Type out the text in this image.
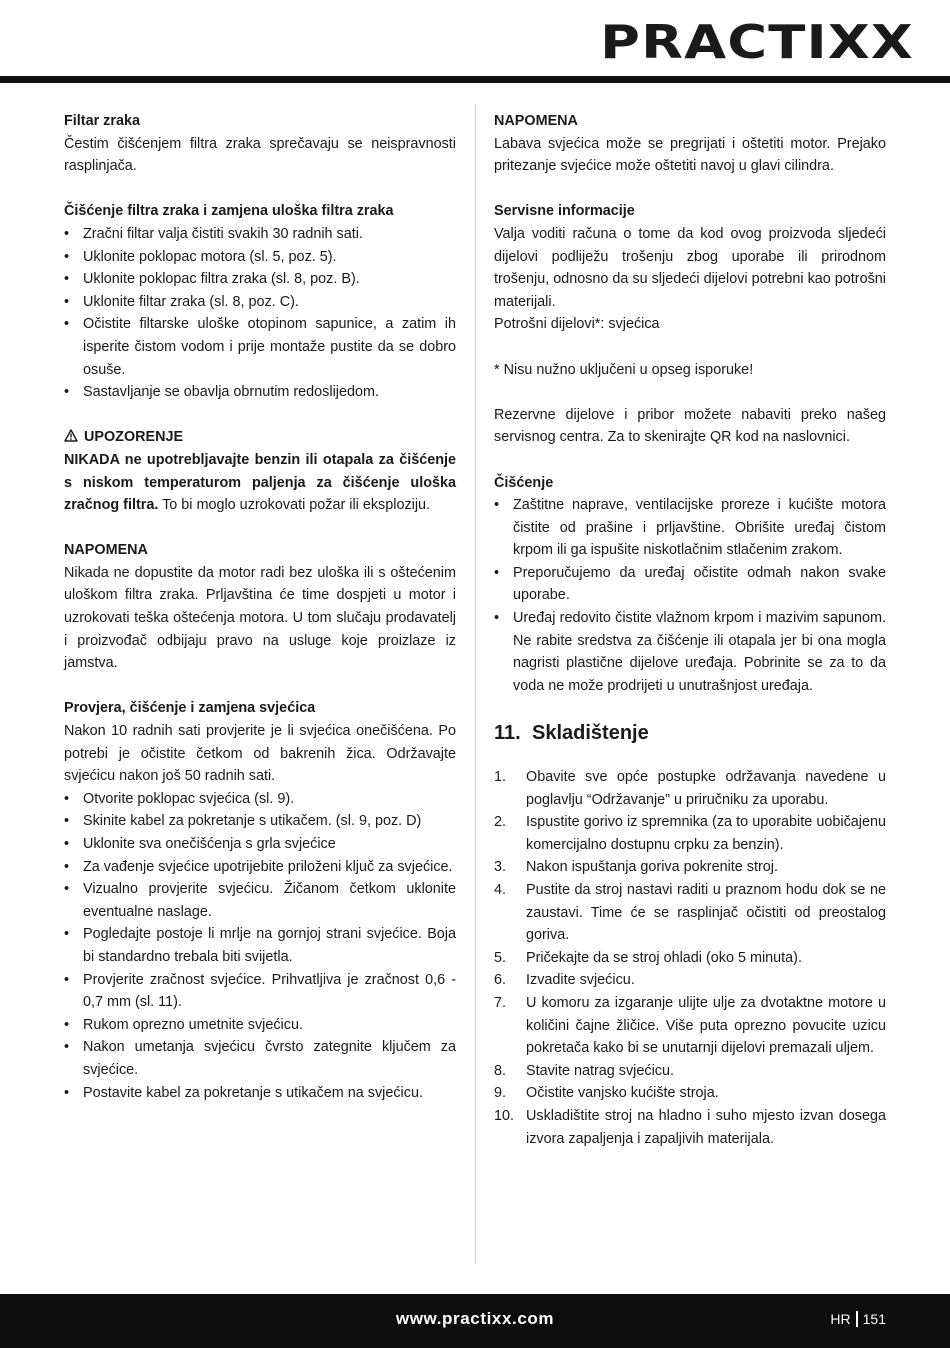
PRACTIXX
Filtar zraka

Čestim čišćenjem filtra zraka sprečavaju se neispravnosti rasplinjača.

Čišćenje filtra zraka i zamjena uloška filtra zraka
• Zračni filtar valja čistiti svakih 30 radnih sati.
• Uklonite poklopac motora (sl. 5, poz. 5).
• Uklonite poklopac filtra zraka (sl. 8, poz. B).
• Uklonite filtar zraka (sl. 8, poz. C).
• Očistite filtarske uloške otopinom sapunice, a zatim ih isperite čistom vodom i prije montaže pustite da se dobro osuše.
• Sastavljanje se obavlja obrnutim redoslijedom.
UPOZORENJE

NIKADA ne upotrebljavajte benzin ili otapala za čišćenje s niskom temperaturom paljenja za čišćenje uloška zračnog filtra. To bi moglo uzrokovati požar ili eksploziju.

NAPOMENA

Nikada ne dopustite da motor radi bez uloška ili s oštećenim uloškom filtra zraka. Prljavština će time dospjeti u motor i uzrokovati teška oštećenja motora. U tom slučaju prodavatelj i proizvođač odbijaju pravo na usluge koje proizlaze iz jamstva.

Provjera, čišćenje i zamjena svjećica

Nakon 10 radnih sati provjerite je li svjećica onečišćena. Po potrebi je očistite četkom od bakrenih žica. Održavajte svjećicu nakon još 50 radnih sati.

• Otvorite poklopac svjećica (sl. 9).
• Skinite kabel za pokretanje s utikačem. (sl. 9, poz. D)
• Uklonite sva onečišćenja s grla svjećice
• Za vađenje svjećice upotrijebite priloženi ključ za svjećice.
• Vizualno provjerite svjećicu. Žičanom četkom uklonite eventualne naslage.
• Pogledajte postoje li mrlje na gornjoj strani svjećice. Boja bi standardno trebala biti svijetla.
• Provjerite zračnost svjećice. Prihvatljiva je zračnost 0,6 - 0,7 mm (sl. 11).
• Rukom oprezno umetnite svjećicu.
• Nakon umetanja svjećicu čvrsto zategnite ključem za svjećice.
• Postavite kabel za pokretanje s utikačem na svjećicu.
NAPOMENA

Labava svjećica može se pregrijati i oštetiti motor. Prejako pritezanje svjećice može oštetiti navoj u glavi cilindra.

Servisne informacije

Valja voditi računa o tome da kod ovog proizvoda sljedeći dijelovi podliježu trošenju zbog uporabe ili prirodnom trošenju, odnosno da su sljedeći dijelovi potrebni kao potrošni materijali.

Potrošni dijelovi*: svjećica

* Nisu nužno uključeni u opseg isporuke!

Rezervne dijelove i pribor možete nabaviti preko našeg servisnog centra. Za to skenirajte QR kod na naslovnici.

Čišćenje
• Zaštitne naprave, ventilacijske proreze i kućište motora čistite od prašine i prljavštine. Obrišite uređaj čistom krpom ili ga ispušite niskotlačnim stlačenim zrakom.
• Preporučujemo da uređaj očistite odmah nakon svake uporabe.
• Uređaj redovito čistite vlažnom krpom i mazivim sapunom. Ne rabite sredstva za čišćenje ili otapala jer bi ona mogla nagristi plastične dijelove uređaja. Pobrinite se za to da voda ne može prodrijeti u unutrašnjost uređaja.
11. Skladištenje
1. Obavite sve opće postupke održavanja navedene u poglavlju “Održavanje” u priručniku za uporabu.
2. Ispustite gorivo iz spremnika (za to uporabite uobičajenu komercijalno dostupnu crpku za benzin).
3. Nakon ispuštanja goriva pokrenite stroj.
4. Pustite da stroj nastavi raditi u praznom hodu dok se ne zaustavi. Time će se rasplinjač očistiti od preostalog goriva.
5. Pričekajte da se stroj ohladi (oko 5 minuta).
6. Izvadite svjećicu.
7. U komoru za izgaranje ulijte ulje za dvotaktne motore u količini čajne žličice. Više puta oprezno povucite uzicu pokretača kako bi se unutarnji dijelovi premazali uljem.
8. Stavite natrag svjećicu.
9. Očistite vanjsko kućište stroja.
10. Uskladištite stroj na hladno i suho mjesto izvan dosega izvora zapaljenja i zapaljivih materijala.
www.practixx.com	HR 151
